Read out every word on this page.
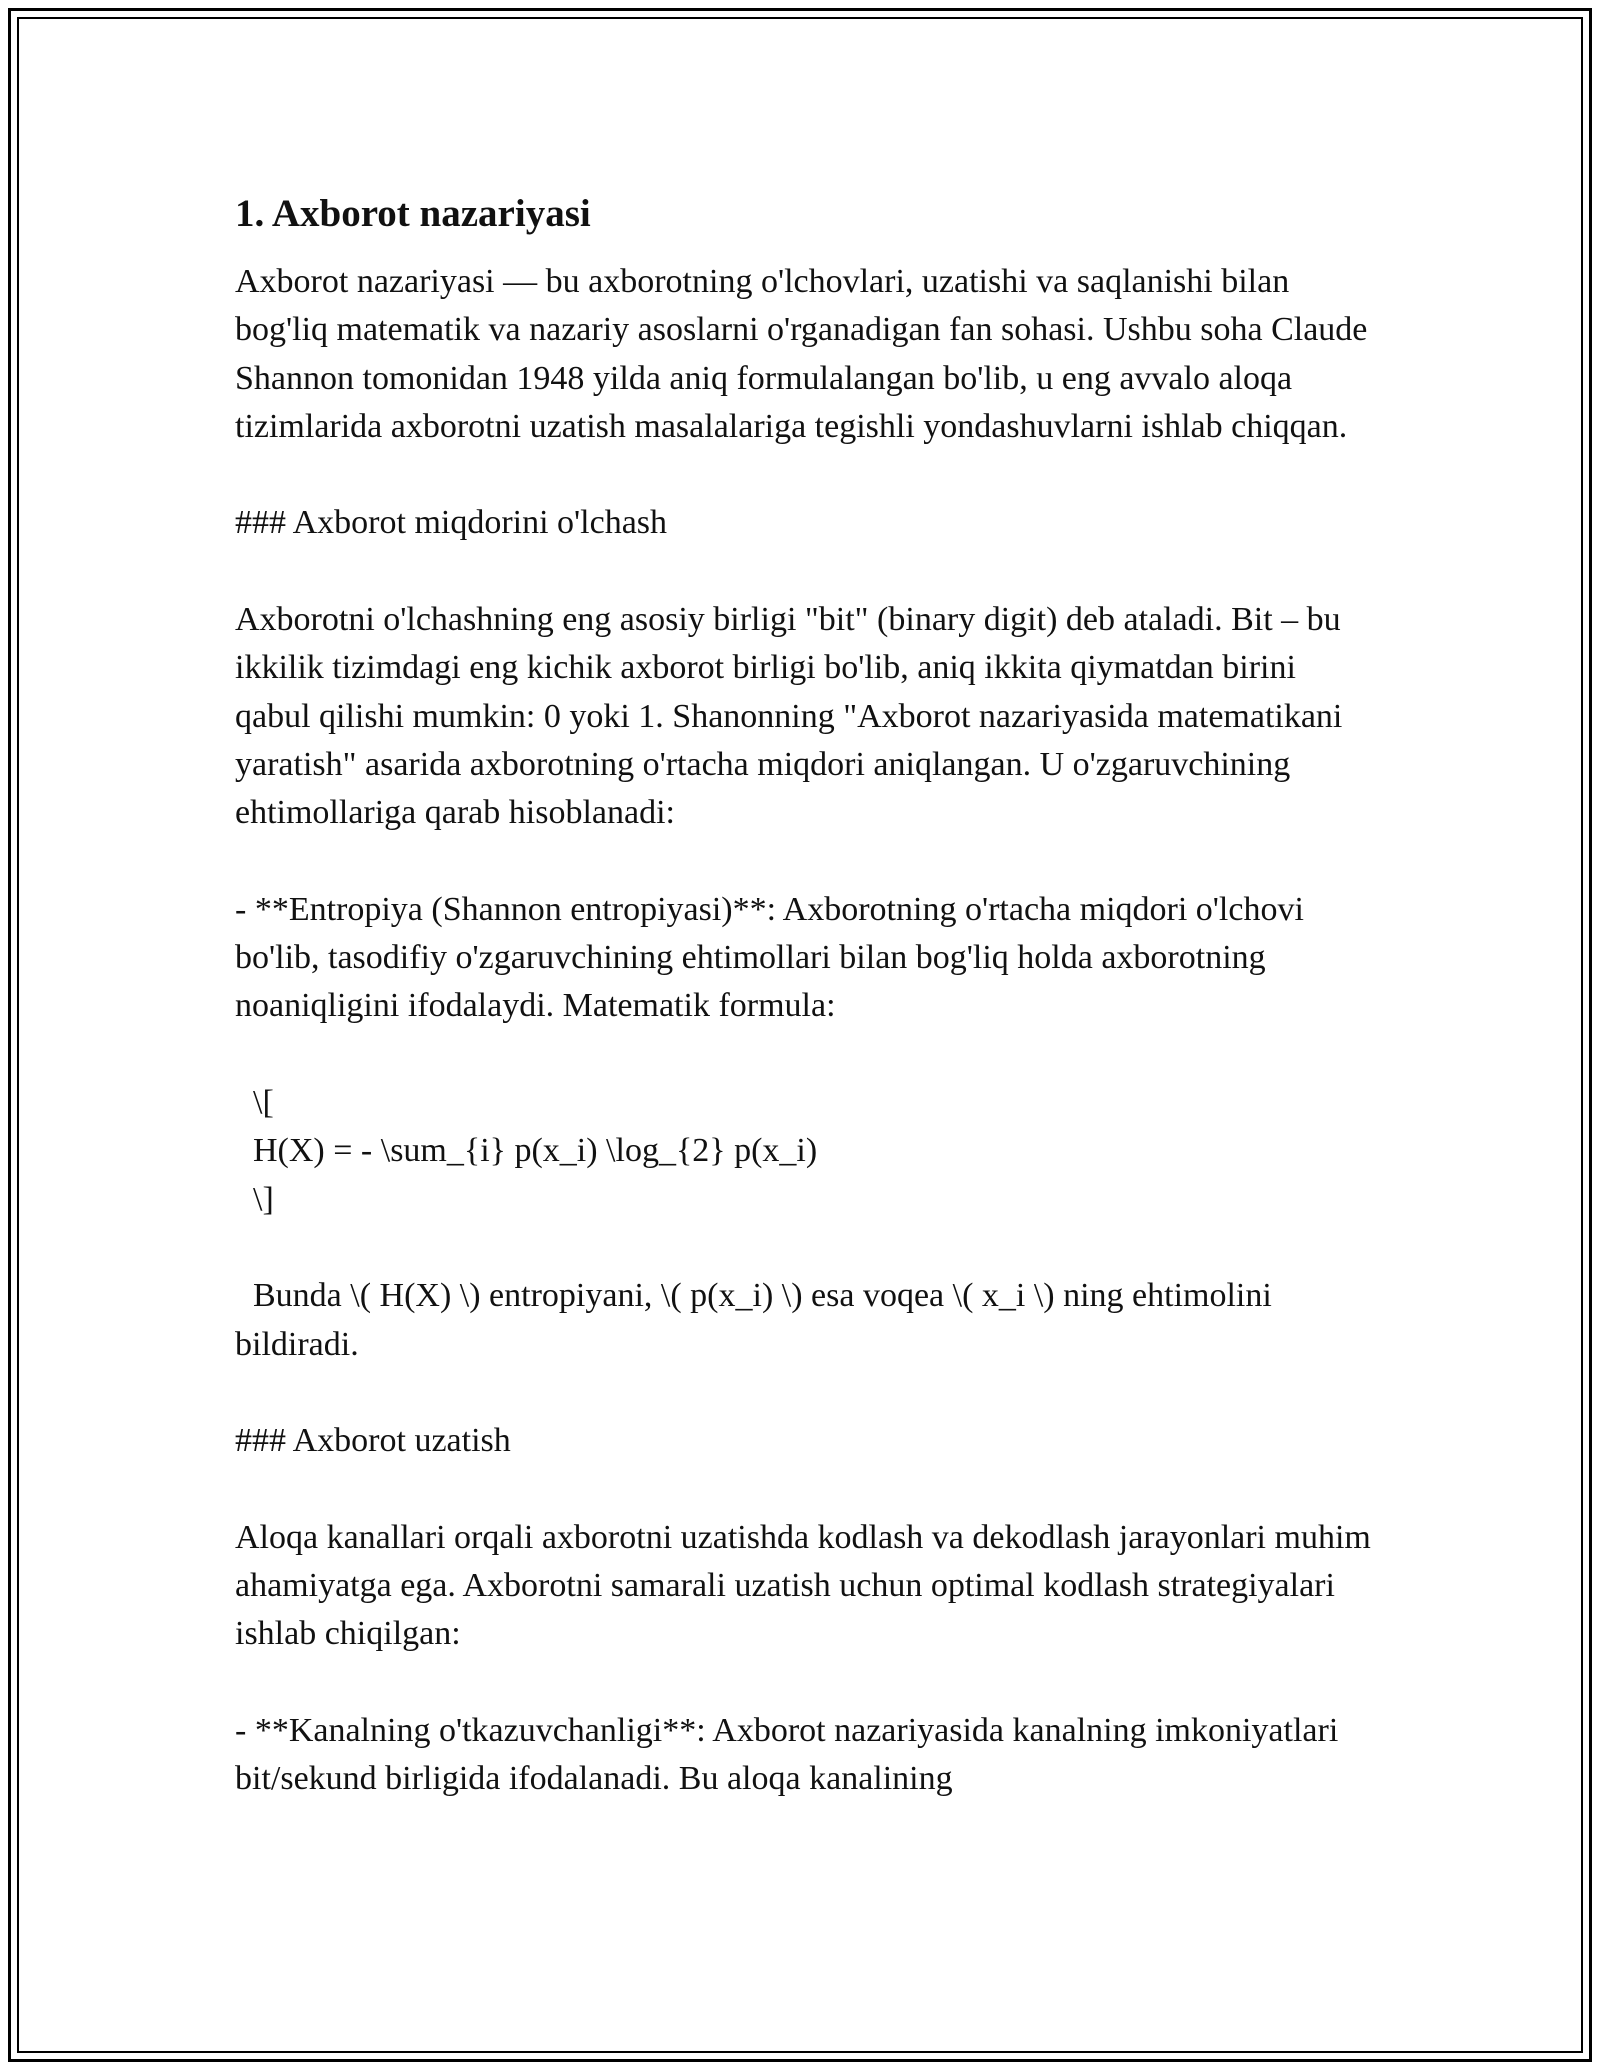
1. Axborot nazariyasi

Axborot nazariyasi — bu axborotning o'lchovlari, uzatishi va saqlanishi bilan bog'liq matematik va nazariy asoslarni o'rganadigan fan sohasi. Ushbu soha Claude Shannon tomonidan 1948 yilda aniq formulalangan bo'lib, u eng avvalo aloqa tizimlarida axborotni uzatish masalalariga tegishli yondashuvlarni ishlab chiqqan.

### Axborot miqdorini o'lchash

Axborotni o'lchashning eng asosiy birligi "bit" (binary digit) deb ataladi. Bit – bu ikkilik tizimdagi eng kichik axborot birligi bo'lib, aniq ikkita qiymatdan birini qabul qilishi mumkin: 0 yoki 1. Shanonning "Axborot nazariyasida matematikani yaratish" asarida axborotning o'rtacha miqdori aniqlangan. U o'zgaruvchining ehtimollariga qarab hisoblanadi:

- **Entropiya (Shannon entropiyasi)**: Axborotning o'rtacha miqdori o'lchovi bo'lib, tasodifiy o'zgaruvchining ehtimollari bilan bog'liq holda axborotning noaniqligini ifodalaydi. Matematik formula:

\[
H(X) = - \sum_{i} p(x_i) \log_{2} p(x_i)
\]

Bunda \( H(X) \) entropiyani, \( p(x_i) \) esa voqea \( x_i \) ning ehtimolini bildiradi.

### Axborot uzatish

Aloqa kanallari orqali axborotni uzatishda kodlash va dekodlash jarayonlari muhim ahamiyatga ega. Axborotni samarali uzatish uchun optimal kodlash strategiyalari ishlab chiqilgan:

- **Kanalning o'tkazuvchanligi**: Axborot nazariyasida kanalning imkoniyatlari bit/sekund birligida ifodalanadi. Bu aloqa kanalining
